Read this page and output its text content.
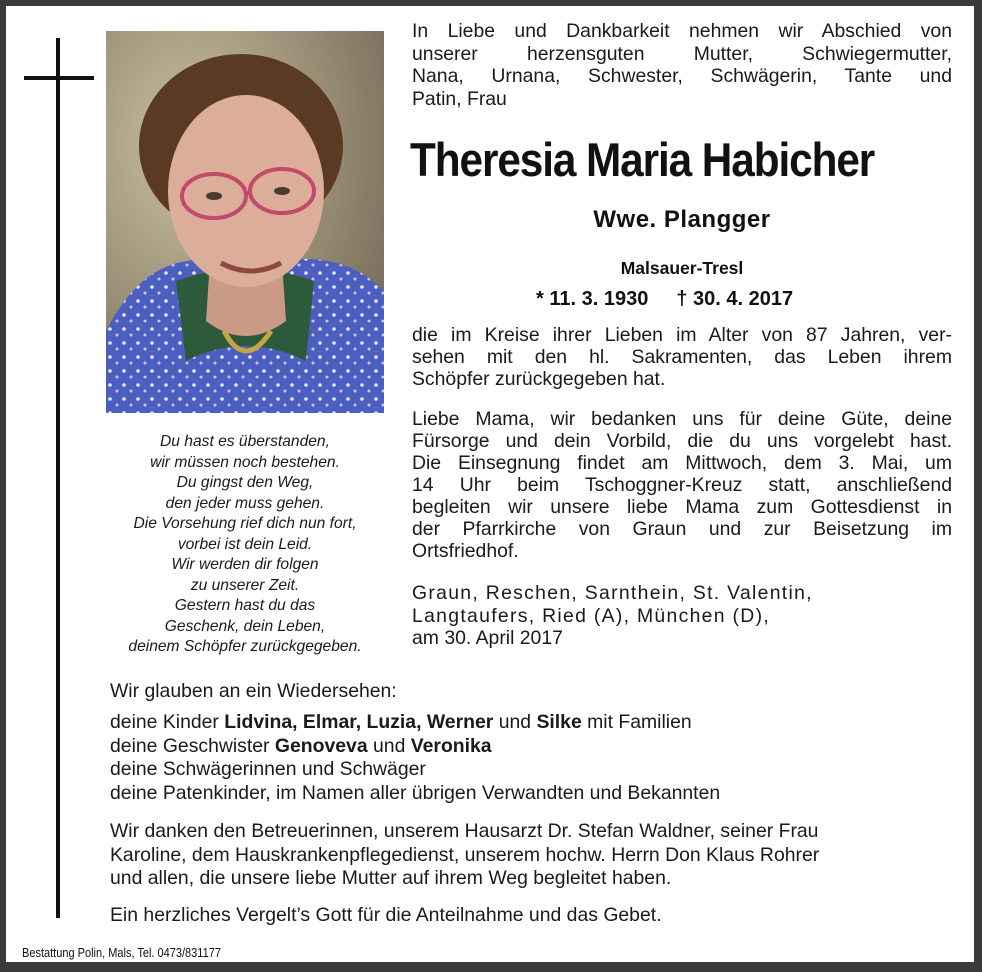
Du hast es überstanden,
wir müssen noch bestehen.
Du gingst den Weg,
den jeder muss gehen.
Die Vorsehung rief dich nun fort,
vorbei ist dein Leid.
Wir werden dir folgen
zu unserer Zeit.
Gestern hast du das
Geschenk, dein Leben,
deinem Schöpfer zurückgegeben.
In Liebe und Dankbarkeit nehmen wir Abschied von
unserer herzensguten Mutter, Schwiegermutter,
Nana, Urnana, Schwester, Schwägerin, Tante und
Patin, Frau
Theresia Maria Habicher
Wwe. Plangger
Malsauer-Tresl
* 11. 3. 1930 † 30. 4. 2017
die im Kreise ihrer Lieben im Alter von 87 Jahren, ver-
sehen mit den hl. Sakramenten, das Leben ihrem
Schöpfer zurückgegeben hat.
Liebe Mama, wir bedanken uns für deine Güte, deine
Fürsorge und dein Vorbild, die du uns vorgelebt hast.
Die Einsegnung findet am Mittwoch, dem 3. Mai, um
14 Uhr beim Tschoggner-Kreuz statt, anschließend
begleiten wir unsere liebe Mama zum Gottesdienst in
der Pfarrkirche von Graun und zur Beisetzung im
Ortsfriedhof.
Graun, Reschen, Sarnthein, St. Valentin,
Langtaufers, Ried (A), München (D),
am 30. April 2017
Wir glauben an ein Wiedersehen:
deine Kinder Lidvina, Elmar, Luzia, Werner und Silke mit Familien
deine Geschwister Genoveva und Veronika
deine Schwägerinnen und Schwäger
deine Patenkinder, im Namen aller übrigen Verwandten und Bekannten
Wir danken den Betreuerinnen, unserem Hausarzt Dr. Stefan Waldner, seiner Frau
Karoline, dem Hauskrankenpflegedienst, unserem hochw. Herrn Don Klaus Rohrer
und allen, die unsere liebe Mutter auf ihrem Weg begleitet haben.
Ein herzliches Vergelt’s Gott für die Anteilnahme und das Gebet.
Bestattung Polin, Mals, Tel. 0473/831177
